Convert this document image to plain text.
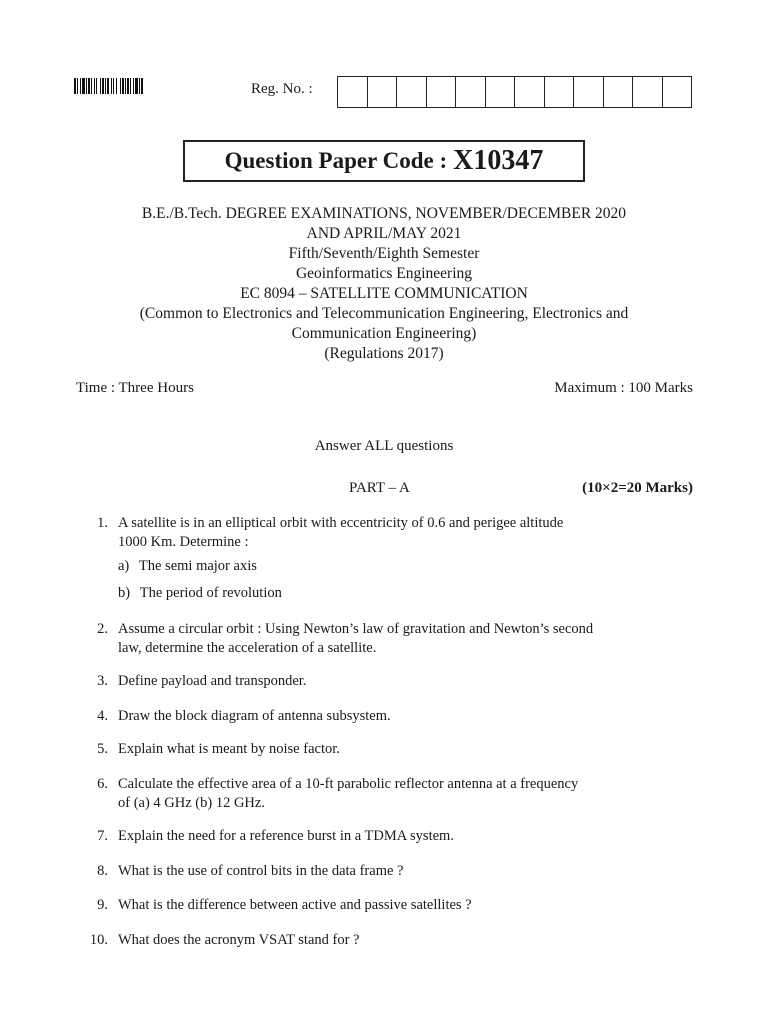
Reg. No. :
Question Paper Code : X10347
B.E./B.Tech. DEGREE EXAMINATIONS, NOVEMBER/DECEMBER 2020
AND APRIL/MAY 2021
Fifth/Seventh/Eighth Semester
Geoinformatics Engineering
EC 8094 – SATELLITE COMMUNICATION
(Common to Electronics and Telecommunication Engineering, Electronics and
Communication Engineering)
(Regulations 2017)
Time : Three Hours	Maximum : 100 Marks
Answer ALL questions
PART – A	(10×2=20 Marks)
1. A satellite is in an elliptical orbit with eccentricity of 0.6 and perigee altitude
1000 Km. Determine :
a) The semi major axis
b) The period of revolution
2. Assume a circular orbit : Using Newton’s law of gravitation and Newton’s second
law, determine the acceleration of a satellite.
3. Define payload and transponder.
4. Draw the block diagram of antenna subsystem.
5. Explain what is meant by noise factor.
6. Calculate the effective area of a 10-ft parabolic reflector antenna at a frequency
of (a) 4 GHz (b) 12 GHz.
7. Explain the need for a reference burst in a TDMA system.
8. What is the use of control bits in the data frame ?
9. What is the difference between active and passive satellites ?
10. What does the acronym VSAT stand for ?
